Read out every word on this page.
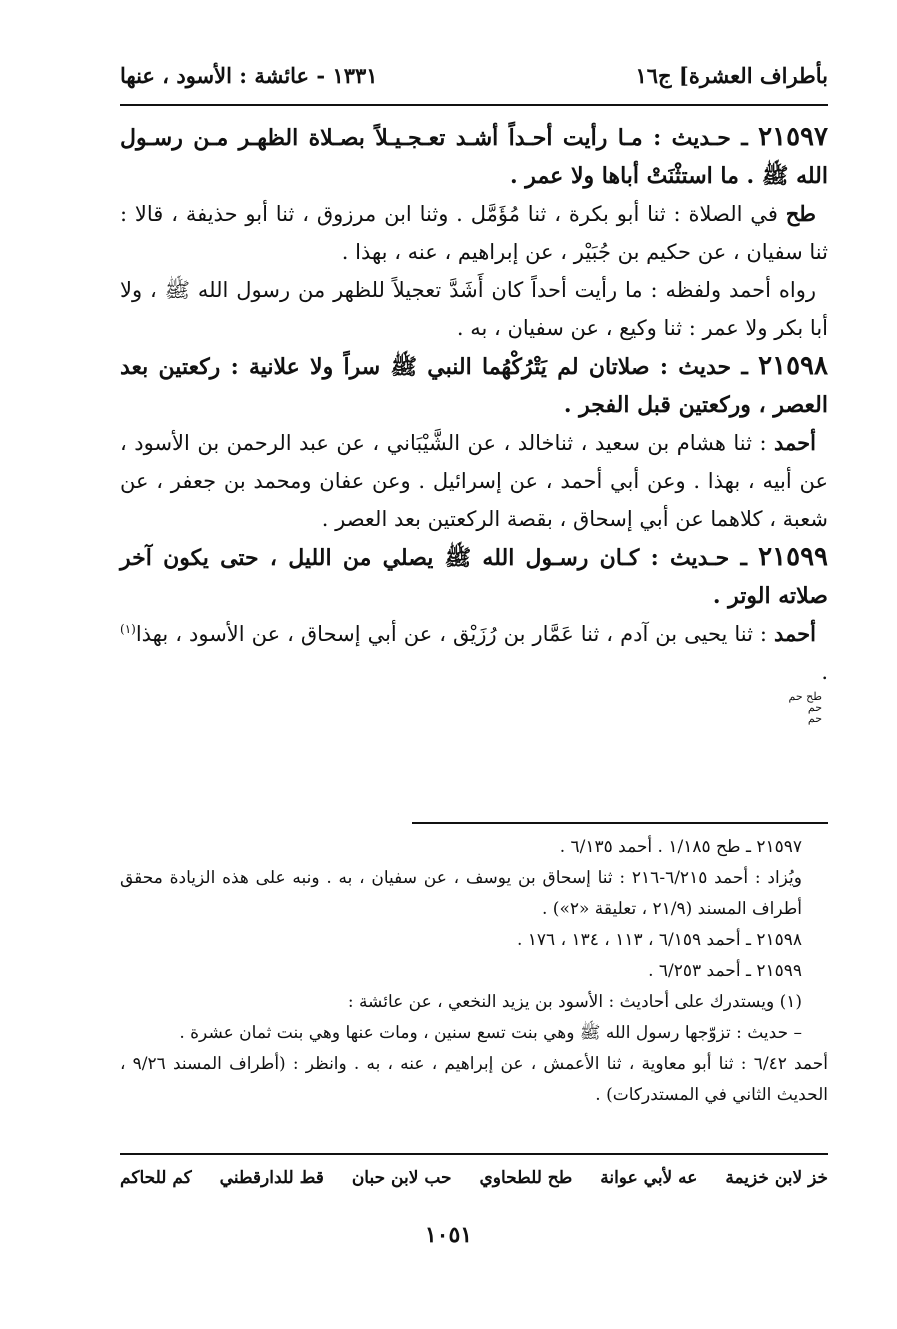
بأطراف العشرة] ج١٦
١٣٣١ - عائشة : الأسود ، عنها

٢١٥٩٧ ـ حـديث : مـا رأيت أحـداً أشـد تعـجـيـلاً بصـلاة الظهـر مـن رسـول الله ﷺ . ما استثْنَتْ أباها ولا عمر .

طح في الصلاة : ثنا أبو بكرة ، ثنا مُؤَمَّل . وثنا ابن مرزوق ، ثنا أبو حذيفة ، قالا : ثنا سفيان ، عن حكيم بن جُبَيْر ، عن إبراهيم ، عنه ، بهذا .

رواه أحمد ولفظه : ما رأيت أحداً كان أَشَدَّ تعجيلاً للظهر من رسول الله ﷺ ، ولا أبا بكر ولا عمر : ثنا وكيع ، عن سفيان ، به .

٢١٥٩٨ ـ حديث : صلاتان لم يَتْرُكْهُما النبي ﷺ سراً ولا علانية : ركعتين بعد العصر ، وركعتين قبل الفجر .

أحمد : ثنا هشام بن سعيد ، ثناخالد ، عن الشَّيْبَاني ، عن عبد الرحمن بن الأسود ، عن أبيه ، بهذا . وعن أبي أحمد ، عن إسرائيل . وعن عفان ومحمد بن جعفر ، عن شعبة ، كلاهما عن أبي إسحاق ، بقصة الركعتين بعد العصر .

٢١٥٩٩ ـ حـديث : كـان رسـول الله ﷺ يصلي من الليل ، حتى يكون آخر صلاته الوتر .

أحمد : ثنا يحيى بن آدم ، ثنا عَمَّار بن رُزَيْق ، عن أبي إسحاق ، عن الأسود ، بهذا$^{(١)}$ .

طح حم

حم

حم

٢١٥٩٧ ـ طح ١/١٨٥ . أحمد ٦/١٣٥ .

ويُزاد : أحمد ٦/٢١٥-٢١٦ : ثنا إسحاق بن يوسف ، عن سفيان ، به . ونبه على هذه الزيادة محقق أطراف المسند (٢١/٩ ، تعليقة «٢») .

٢١٥٩٨ ـ أحمد ٦/١٥٩ ، ١١٣ ، ١٣٤ ، ١٧٦ .

٢١٥٩٩ ـ أحمد ٦/٢٥٣ .

(١) ويستدرك على أحاديث : الأسود بن يزيد النخعي ، عن عائشة :

– حديث : تزوّجها رسول الله ﷺ وهي بنت تسع سنين ، ومات عنها وهي بنت ثمان عشرة .

أحمد ٦/٤٢ : ثنا أبو معاوية ، ثنا الأعمش ، عن إبراهيم ، عنه ، به . وانظر : (أطراف المسند ٩/٢٦ ، الحديث الثاني في المستدركات) .

خز لابن خزيمة
عه لأبي عوانة
طح للطحاوي
حب لابن حبان
قط للدارقطني
كم للحاكم
١٠٥١
